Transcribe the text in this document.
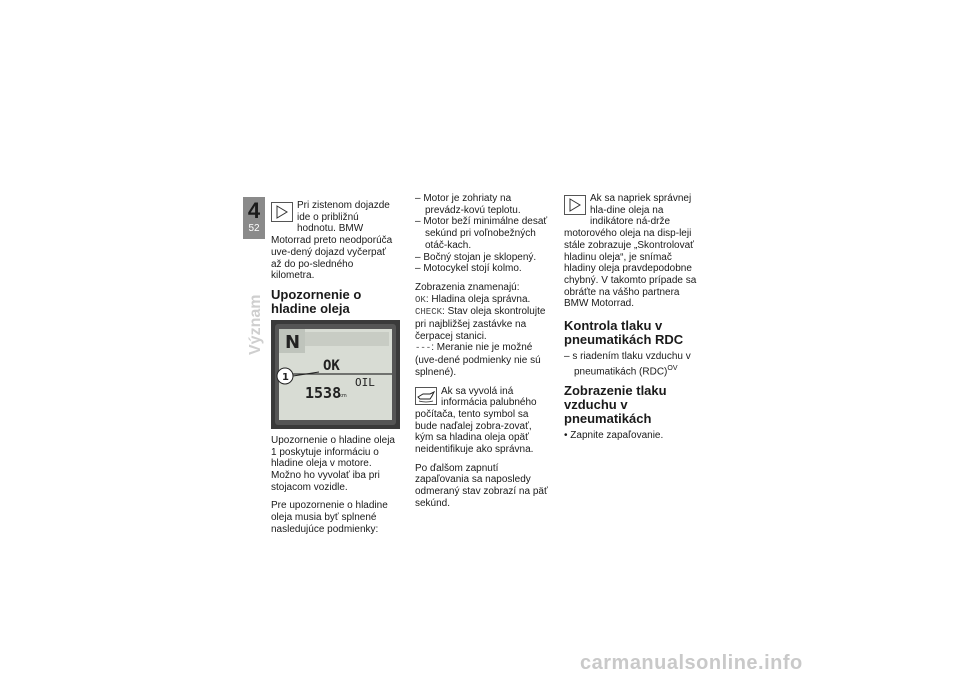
4
52
Význam

Pri zistenom dojazde ide o približnú hodnotu. BMW Motorrad preto neodporúča uve-dený dojazd vyčerpať až do po-sledného kilometra.

Upozornenie o hladine oleja
N
OK
OIL
1538
km
1

Upozornenie o hladine oleja 1 poskytuje informáciu o hladine oleja v motore. Možno ho vyvolať iba pri stojacom vozidle.

Pre upozornenie o hladine oleja musia byť splnené nasledujúce podmienky:

– Motor je zohriaty na prevádz-kovú teplotu.

– Motor beží minimálne desať sekúnd pri voľnobežných otáč-kach.

– Bočný stojan je sklopený.

– Motocykel stojí kolmo.

Zobrazenia znamenajú:

OK: Hladina oleja správna.

CHECK: Stav oleja skontrolujte pri najbližšej zastávke na čerpacej stanici.

---: Meranie nie je možné (uve-dené podmienky nie sú splnené).

Ak sa vyvolá iná informácia palubného počítača, tento symbol sa bude naďalej zobra-zovať, kým sa hladina oleja opäť neidentifikuje ako správna.

Po ďalšom zapnutí zapaľovania sa naposledy odmeraný stav zobrazí na päť sekúnd.

Ak sa napriek správnej hla-dine oleja na indikátore ná-drže motorového oleja na disp-leji stále zobrazuje „Skontrolovať hladinu oleja“, je snímač hladiny oleja pravdepodobne chybný. V takomto prípade sa obráťte na vášho partnera BMW Motorrad.

Kontrola tlaku v pneumatikách RDC

– s riadením tlaku vzduchu v pneumatikách (RDC)$^{OV}$

Zobrazenie tlaku vzduchu v pneumatikách

• Zapnite zapaľovanie.

carmanualsonline.info
